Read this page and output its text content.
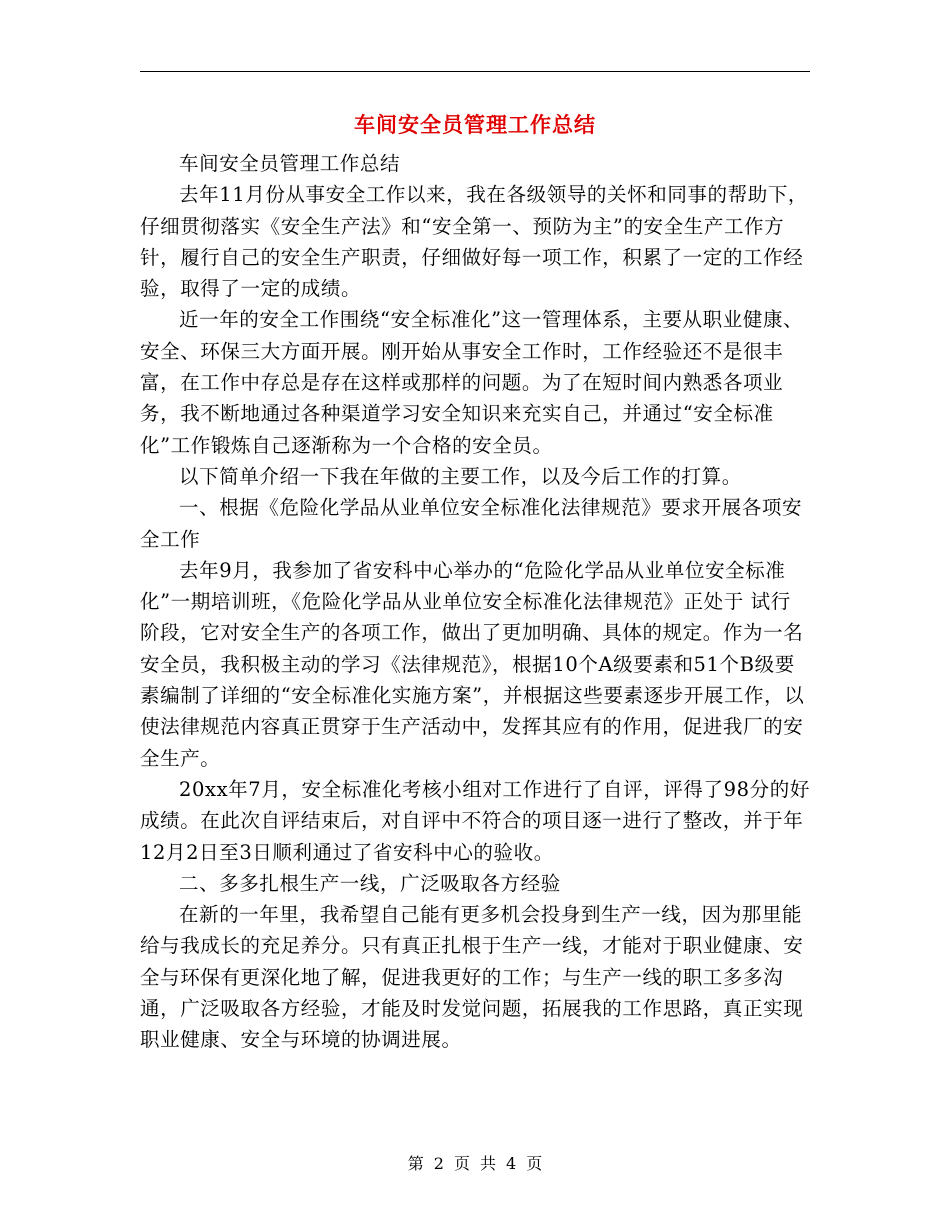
车间安全员管理工作总结

车间安全员管理工作总结

去年11月份从事安全工作以来，我在各级领导的关怀和同事的帮助下，仔细贯彻落实《安全生产法》和“安全第一、预防为主”的安全生产工作方针，履行自己的安全生产职责，仔细做好每一项工作，积累了一定的工作经验，取得了一定的成绩。

近一年的安全工作围绕“安全标准化”这一管理体系，主要从职业健康、安全、环保三大方面开展。刚开始从事安全工作时，工作经验还不是很丰富，在工作中存总是存在这样或那样的问题。为了在短时间内熟悉各项业务，我不断地通过各种渠道学习安全知识来充实自己，并通过“安全标准化”工作锻炼自己逐渐称为一个合格的安全员。

以下简单介绍一下我在年做的主要工作，以及今后工作的打算。

一、根据《危险化学品从业单位安全标准化法律规范》要求开展各项安全工作

去年9月，我参加了省安科中心举办的“危险化学品从业单位安全标准化”一期培训班，《危险化学品从业单位安全标准化法律规范》正处于 试行阶段，它对安全生产的各项工作，做出了更加明确、具体的规定。作为一名安全员，我积极主动的学习《法律规范》，根据10个A级要素和51个B级要素编制了详细的“安全标准化实施方案”，并根据这些要素逐步开展工作，以使法律规范内容真正贯穿于生产活动中，发挥其应有的作用，促进我厂的安全生产。

20xx年7月，安全标准化考核小组对工作进行了自评，评得了98分的好成绩。在此次自评结束后，对自评中不符合的项目逐一进行了整改，并于年12月2日至3日顺利通过了省安科中心的验收。

二、多多扎根生产一线，广泛吸取各方经验

在新的一年里，我希望自己能有更多机会投身到生产一线，因为那里能给与我成长的充足养分。只有真正扎根于生产一线，才能对于职业健康、安全与环保有更深化地了解，促进我更好的工作；与生产一线的职工多多沟通，广泛吸取各方经验，才能及时发觉问题，拓展我的工作思路，真正实现职业健康、安全与环境的协调进展。

第 2 页 共 4 页
